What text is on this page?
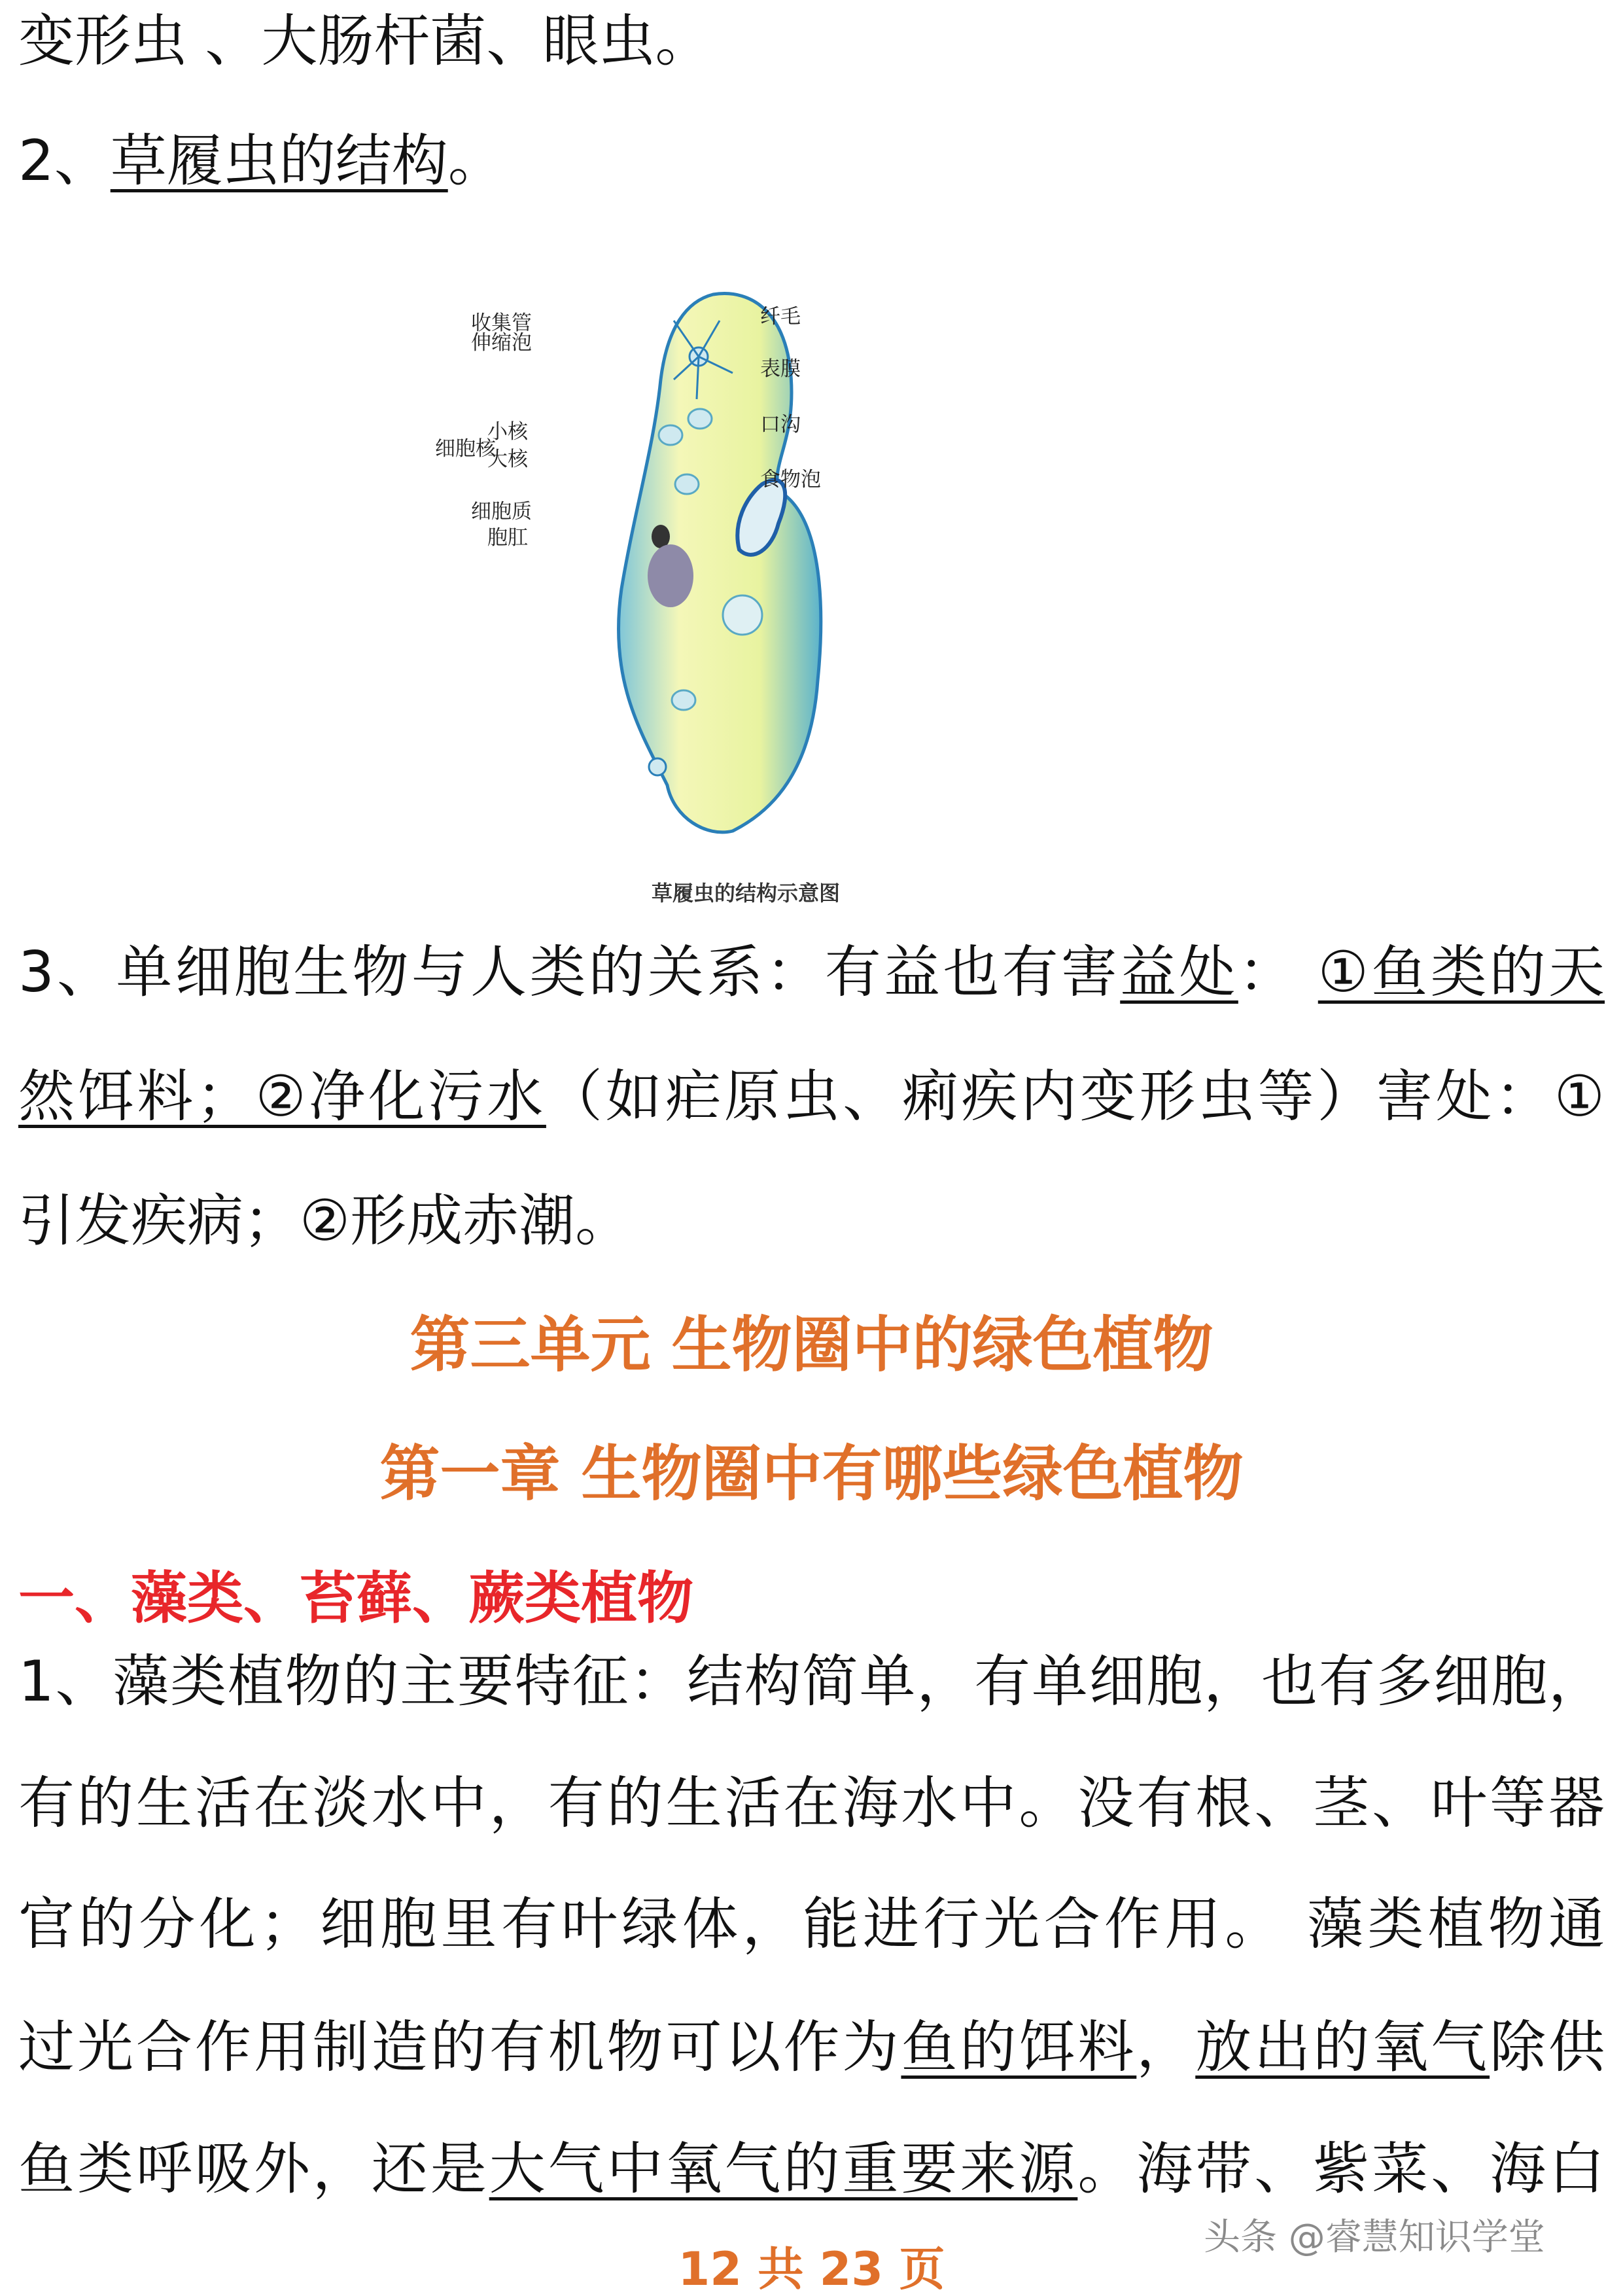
变形虫 、大肠杆菌、眼虫。
2、草履虫的结构。
纤毛
收集管
伸缩泡
表膜
口沟
细胞核
小核
大核
食物泡
细胞质
胞肛
草履虫的结构示意图
3、单细胞生物与人类的关系：有益也有害益处： ①鱼类的天
然饵料；②净化污水（如疟原虫、痢疾内变形虫等）害处：①
引发疾病；②形成赤潮。
第三单元 生物圈中的绿色植物
第一章 生物圈中有哪些绿色植物
一、藻类、苔藓、蕨类植物
1、藻类植物的主要特征：结构简单，有单细胞，也有多细胞，
有的生活在淡水中，有的生活在海水中。没有根、茎、叶等器
官的分化；细胞里有叶绿体，能进行光合作用。 藻类植物通
过光合作用制造的有机物可以作为鱼的饵料，放出的氧气除供
鱼类呼吸外，还是大气中氧气的重要来源。海带、紫菜、海白
头条 @睿慧知识学堂
12 共 23 页
